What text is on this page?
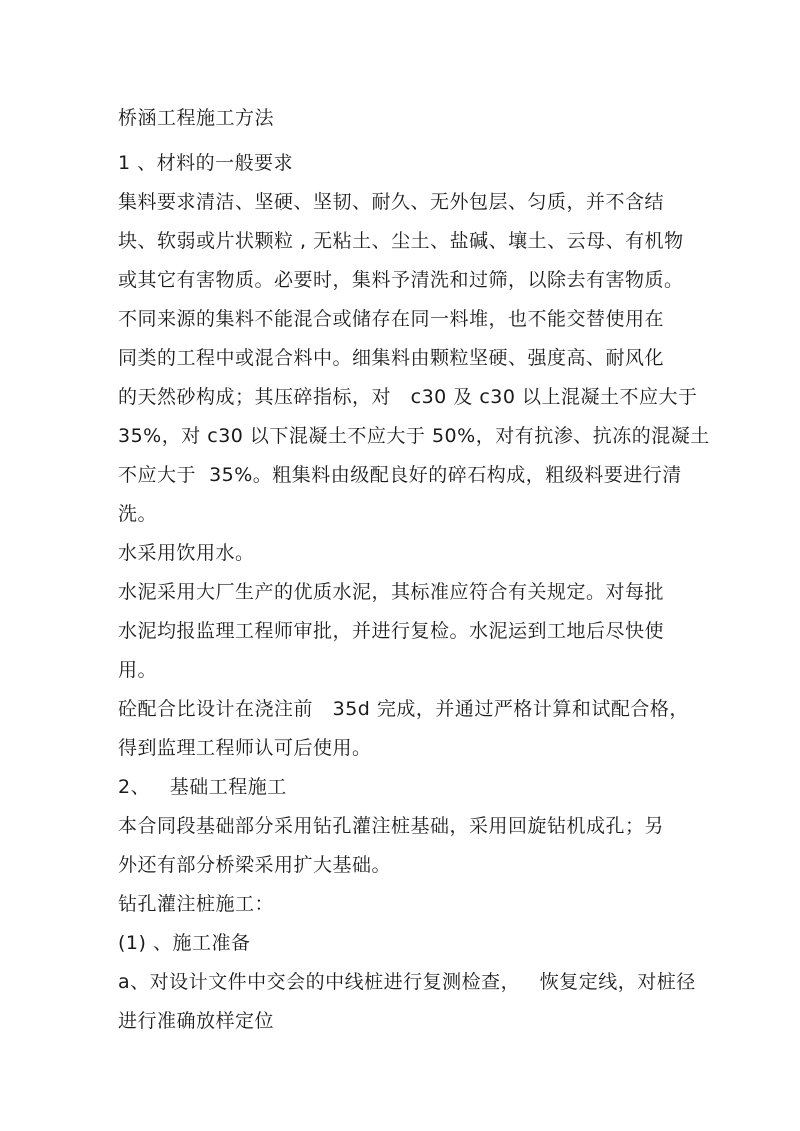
桥涵工程施工方法
1 、材料的一般要求
集料要求清洁、坚硬、坚韧、耐久、无外包层、匀质，并不含结
块、软弱或片状颗粒 , 无粘土、尘土、盐碱、壤土、云母、有机物
或其它有害物质。必要时，集料予清洗和过筛，以除去有害物质。
不同来源的集料不能混合或储存在同一料堆，也不能交替使用在
同类的工程中或混合料中。细集料由颗粒坚硬、强度高、耐风化
的天然砂构成；其压碎指标，对   c30 及 c30 以上混凝土不应大于
35%，对 c30 以下混凝土不应大于 50%，对有抗渗、抗冻的混凝土
不应大于  35%。粗集料由级配良好的碎石构成，粗级料要进行清
洗。
水采用饮用水。
水泥采用大厂生产的优质水泥，其标准应符合有关规定。对每批
水泥均报监理工程师审批，并进行复检。水泥运到工地后尽快使
用。
砼配合比设计在浇注前   35d 完成，并通过严格计算和试配合格，
得到监理工程师认可后使用。
2、   基础工程施工
本合同段基础部分采用钻孔灌注桩基础，采用回旋钻机成孔；另
外还有部分桥梁采用扩大基础。
钻孔灌注桩施工：
(1) 、施工准备
a、对设计文件中交会的中线桩进行复测检查，   恢复定线，对桩径
进行准确放样定位
